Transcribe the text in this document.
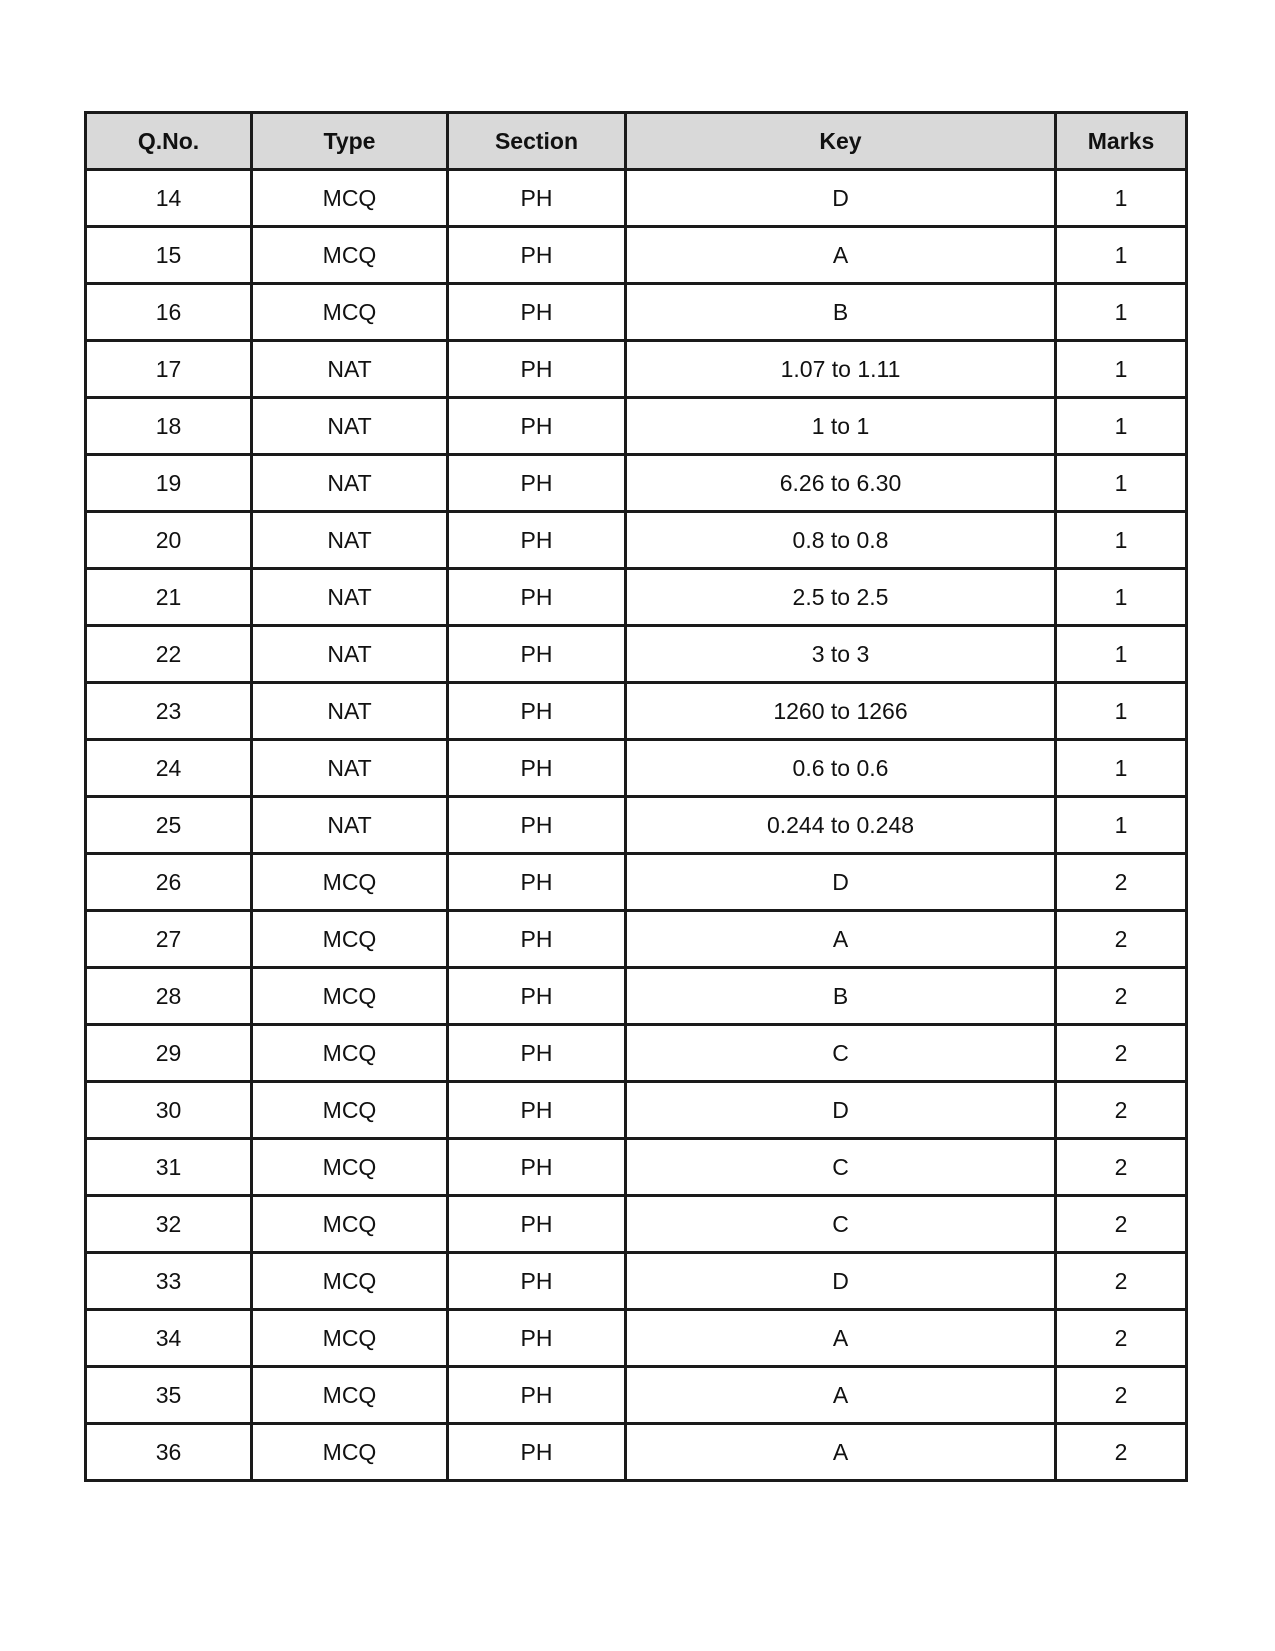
Q.No.	Type	Section	Key	Marks
14	MCQ	PH	D	1
15	MCQ	PH	A	1
16	MCQ	PH	B	1
17	NAT	PH	1.07 to 1.11	1
18	NAT	PH	1 to 1	1
19	NAT	PH	6.26 to 6.30	1
20	NAT	PH	0.8 to 0.8	1
21	NAT	PH	2.5 to 2.5	1
22	NAT	PH	3 to 3	1
23	NAT	PH	1260 to 1266	1
24	NAT	PH	0.6 to 0.6	1
25	NAT	PH	0.244 to 0.248	1
26	MCQ	PH	D	2
27	MCQ	PH	A	2
28	MCQ	PH	B	2
29	MCQ	PH	C	2
30	MCQ	PH	D	2
31	MCQ	PH	C	2
32	MCQ	PH	C	2
33	MCQ	PH	D	2
34	MCQ	PH	A	2
35	MCQ	PH	A	2
36	MCQ	PH	A	2
